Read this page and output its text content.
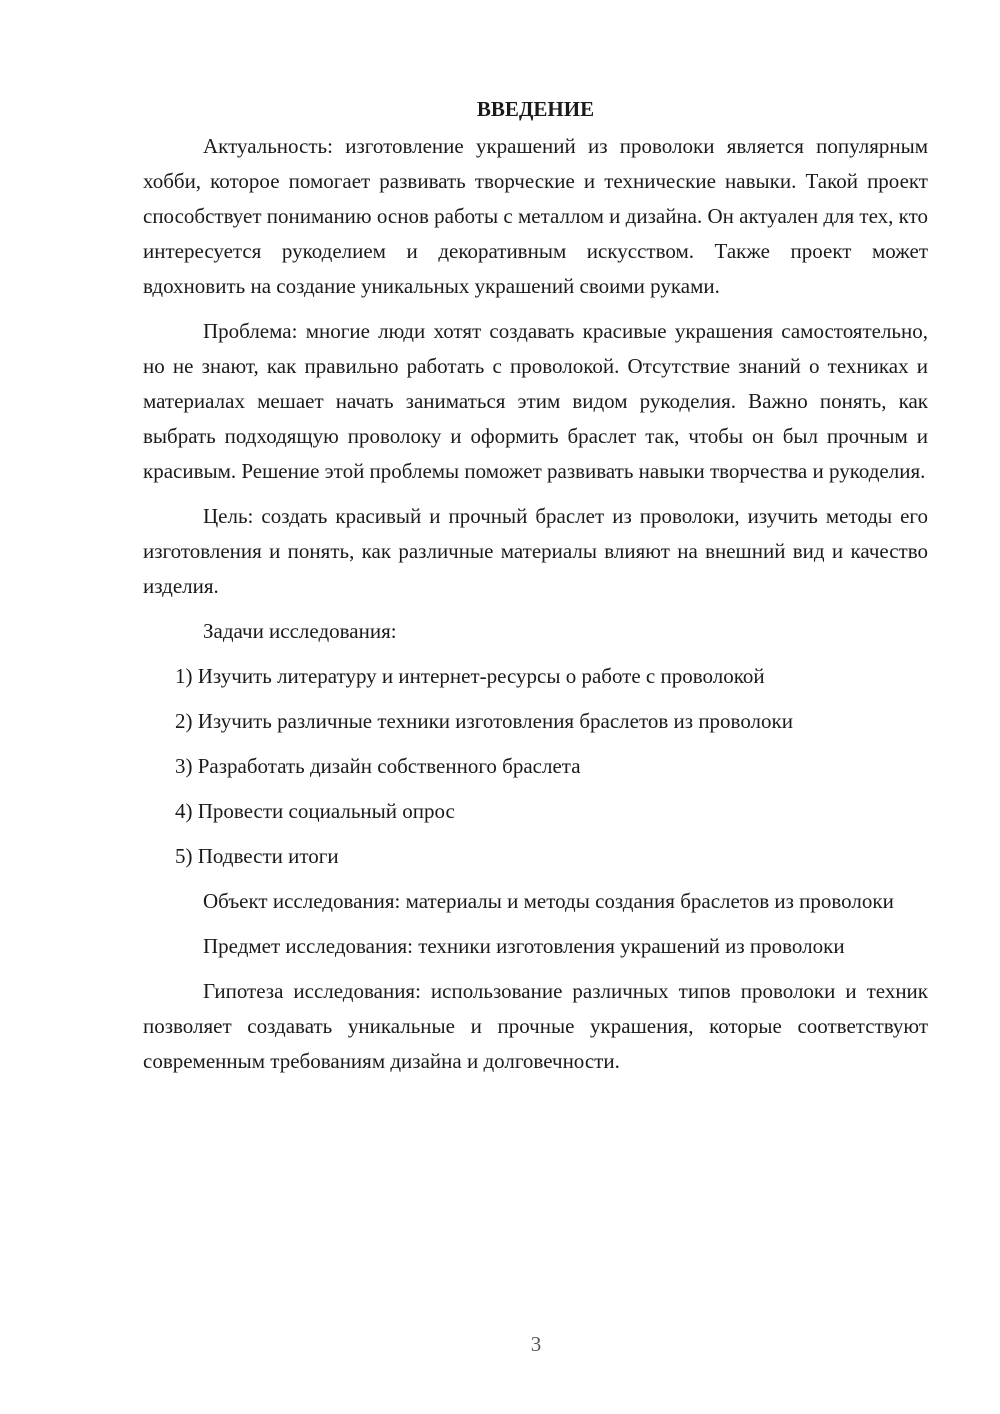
ВВЕДЕНИЕ

Актуальность: изготовление украшений из проволоки является популярным хобби, которое помогает развивать творческие и технические навыки. Такой проект способствует пониманию основ работы с металлом и дизайна. Он актуален для тех, кто интересуется рукоделием и декоративным искусством. Также проект может вдохновить на создание уникальных украшений своими руками.

Проблема: многие люди хотят создавать красивые украшения самостоятельно, но не знают, как правильно работать с проволокой. Отсутствие знаний о техниках и материалах мешает начать заниматься этим видом рукоделия. Важно понять, как выбрать подходящую проволоку и оформить браслет так, чтобы он был прочным и красивым. Решение этой проблемы поможет развивать навыки творчества и рукоделия.

Цель: создать красивый и прочный браслет из проволоки, изучить методы его изготовления и понять, как различные материалы влияют на внешний вид и качество изделия.

Задачи исследования:

1) Изучить литературу и интернет-ресурсы о работе с проволокой
2) Изучить различные техники изготовления браслетов из проволоки
3) Разработать дизайн собственного браслета
4) Провести социальный опрос
5) Подвести итоги

Объект исследования: материалы и методы создания браслетов из проволоки

Предмет исследования: техники изготовления украшений из проволоки

Гипотеза исследования: использование различных типов проволоки и техник позволяет создавать уникальные и прочные украшения, которые соответствуют современным требованиям дизайна и долговечности.

3
